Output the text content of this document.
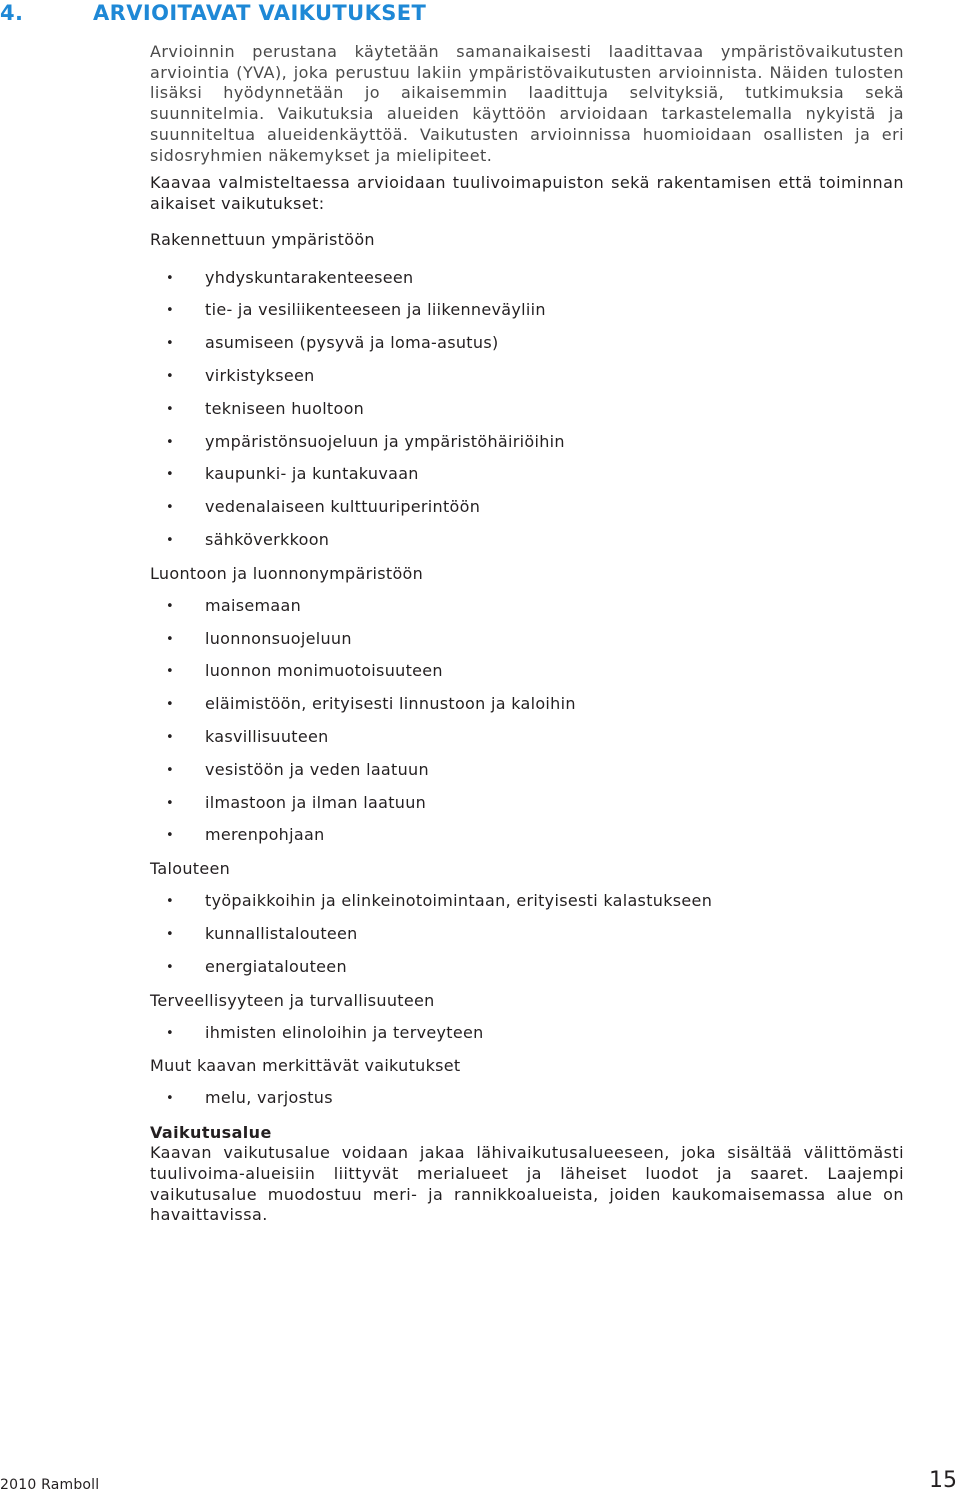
4.	ARVIOITAVAT VAIKUTUKSET

Arvioinnin perustana käytetään samanaikaisesti laadittavaa ympäristövaikutusten arviointia (YVA), joka perustuu lakiin ympäristövaikutusten arvioinnista. Näiden tulosten lisäksi hyödynnetään jo aikaisemmin laadittuja selvityksiä, tutkimuksia sekä suunnitelmia. Vaikutuksia alueiden käyttöön arvioidaan tarkastelemalla nykyistä ja suunniteltua alueidenkäyttöä. Vaikutusten arvioinnissa huomioidaan osallisten ja eri sidosryhmien näkemykset ja mielipiteet.

Kaavaa valmisteltaessa arvioidaan tuulivoimapuiston sekä rakentamisen että toiminnan aikaiset vaikutukset:

Rakennettuun ympäristöön
• yhdyskuntarakenteeseen
• tie- ja vesiliikenteeseen ja liikenneväyliin
• asumiseen (pysyvä ja loma-asutus)
• virkistykseen
• tekniseen huoltoon
• ympäristönsuojeluun ja ympäristöhäiriöihin
• kaupunki- ja kuntakuvaan
• vedenalaiseen kulttuuriperintöön
• sähköverkkoon
Luontoon ja luonnonympäristöön
• maisemaan
• luonnonsuojeluun
• luonnon monimuotoisuuteen
• eläimistöön, erityisesti linnustoon ja kaloihin
• kasvillisuuteen
• vesistöön ja veden laatuun
• ilmastoon ja ilman laatuun
• merenpohjaan
Talouteen
• työpaikkoihin ja elinkeinotoimintaan, erityisesti kalastukseen
• kunnallistalouteen
• energiatalouteen
Terveellisyyteen ja turvallisuuteen
• ihmisten elinoloihin ja terveyteen
Muut kaavan merkittävät vaikutukset
• melu, varjostus
Vaikutusalue

Kaavan vaikutusalue voidaan jakaa lähivaikutusalueeseen, joka sisältää välittömästi tuulivoima-alueisiin liittyvät merialueet ja läheiset luodot ja saaret. Laajempi vaikutusalue muodostuu meri- ja rannikkoalueista, joiden kaukomaisemassa alue on havaittavissa.

2010 Ramboll	15
